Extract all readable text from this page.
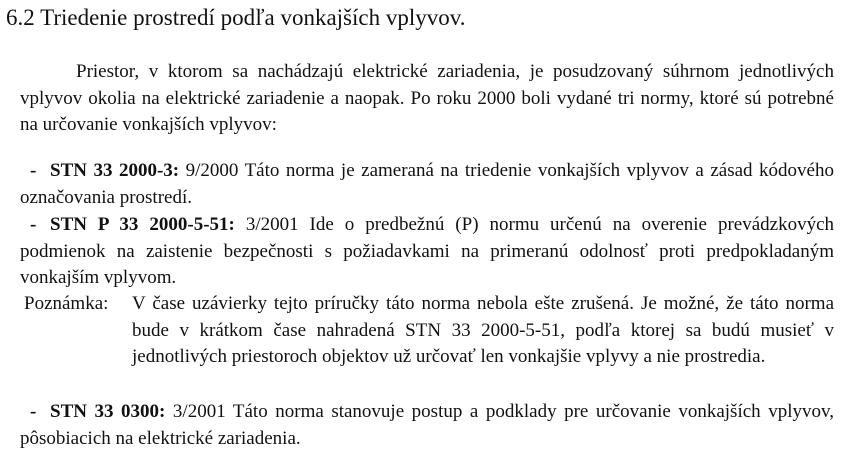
6.2 Triedenie prostredí podľa vonkajších vplyvov.

Priestor, v ktorom sa nachádzajú elektrické zariadenia, je posudzovaný súhrnom jednotlivých vplyvov okolia na elektrické zariadenie a naopak. Po roku 2000 boli vydané tri normy, ktoré sú potrebné na určovanie vonkajších vplyvov:

- STN 33 2000-3: 9/2000 Táto norma je zameraná na triedenie vonkajších vplyvov a zásad kódového označovania prostredí.

- STN P 33 2000-5-51: 3/2001 Ide o predbežnú (P) normu určenú na overenie prevádzkových podmienok na zaistenie bezpečnosti s požiadavkami na primeranú odolnosť proti predpokladaným vonkajším vplyvom.

Poznámka: V čase uzávierky tejto príručky táto norma nebola ešte zrušená. Je možné, že táto norma bude v krátkom čase nahradená STN 33 2000-5-51, podľa ktorej sa budú musieť v jednotlivých priestoroch objektov už určovať len vonkajšie vplyvy a nie prostredia.

- STN 33 0300: 3/2001 Táto norma stanovuje postup a podklady pre určovanie vonkajších vplyvov, pôsobiacich na elektrické zariadenia.
